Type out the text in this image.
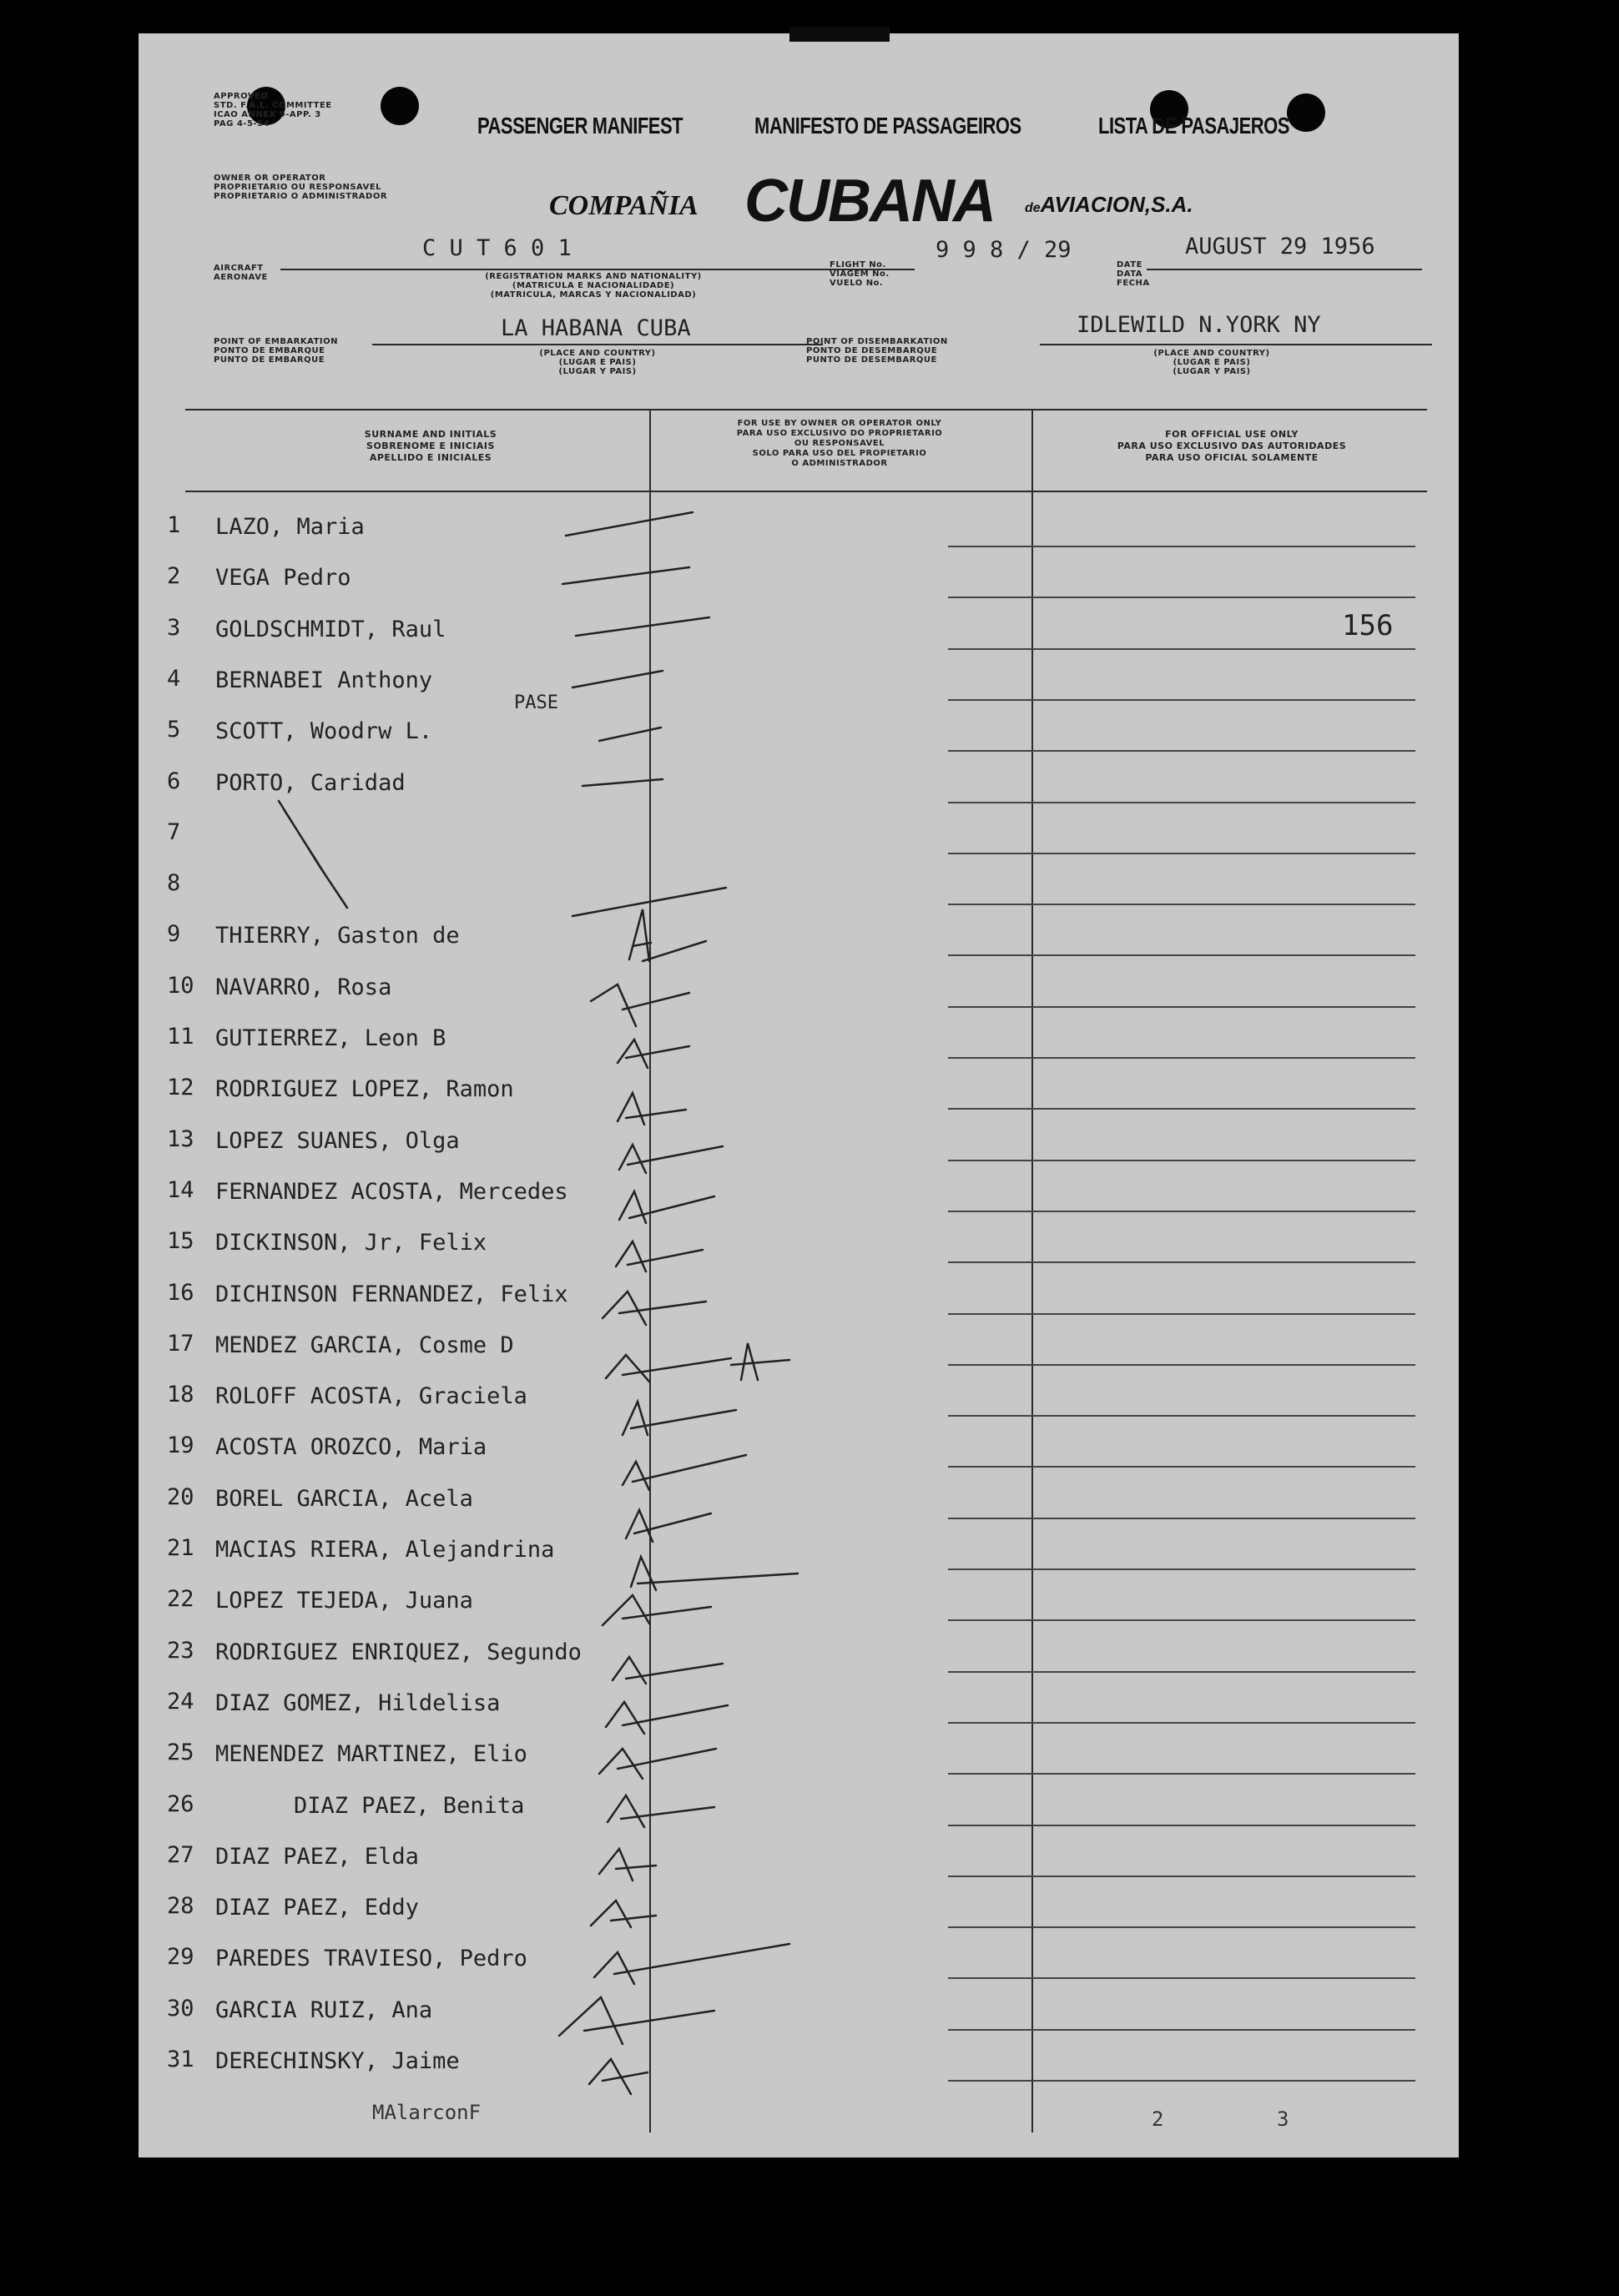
APPROVED
STD. F.A.L. COMMITTEE
ICAO ANNEX 9-APP. 3
PAG 4-5-54
OWNER OR OPERATOR
PROPRIETARIO OU RESPONSAVEL
PROPRIETARIO O ADMINISTRADOR
PASSENGER MANIFEST	MANIFESTO DE PASSAGEIROS	LISTA DE PASAJEROS
COMPAÑIA CUBANA deAVIACION,S.A.
AIRCRAFT
AERONAVE
C U T 6 0 1
(REGISTRATION MARKS AND NATIONALITY)
(MATRICULA E NACIONALIDADE)
(MATRICULA, MARCAS Y NACIONALIDAD)
FLIGHT No.
VIAGEM No.
VUELO No.
9 9 8 / 29
DATE
DATA
FECHA
AUGUST 29 1956
POINT OF EMBARKATION
PONTO DE EMBARQUE
PUNTO DE EMBARQUE
LA HABANA CUBA
(PLACE AND COUNTRY)
(LUGAR E PAIS)
(LUGAR Y PAIS)
POINT OF DISEMBARKATION
PONTO DE DESEMBARQUE
PUNTO DE DESEMBARQUE
IDLEWILD N.YORK NY
(PLACE AND COUNTRY)
(LUGAR E PAIS)
(LUGAR Y PAIS)
SURNAME AND INITIALS
SOBRENOME E INICIAIS
APELLIDO E INICIALES
FOR USE BY OWNER OR OPERATOR ONLY
PARA USO EXCLUSIVO DO PROPRIETARIO
OU RESPONSAVEL
SOLO PARA USO DEL PROPIETARIO
O ADMINISTRADOR
FOR OFFICIAL USE ONLY
PARA USO EXCLUSIVO DAS AUTORIDADES
PARA USO OFICIAL SOLAMENTE
1 LAZO, Maria
2 VEGA Pedro
3 GOLDSCHMIDT, Raul
4 BERNABEI Anthony
5 SCOTT, Woodrw L.
6 PORTO, Caridad
7
8
9 THIERRY, Gaston de
10 NAVARRO, Rosa
11 GUTIERREZ, Leon B
12 RODRIGUEZ LOPEZ, Ramon
13 LOPEZ SUANES, Olga
14 FERNANDEZ ACOSTA, Mercedes
15 DICKINSON, Jr, Felix
16 DICHINSON FERNANDEZ, Felix
17 MENDEZ GARCIA, Cosme D
18 ROLOFF ACOSTA, Graciela
19 ACOSTA OROZCO, Maria
20 BOREL GARCIA, Acela
21 MACIAS RIERA, Alejandrina
22 LOPEZ TEJEDA, Juana
23 RODRIGUEZ ENRIQUEZ, Segundo
24 DIAZ GOMEZ, Hildelisa
25 MENENDEZ MARTINEZ, Elio
26	DIAZ PAEZ, Benita
27 DIAZ PAEZ, Elda
28 DIAZ PAEZ, Eddy
29 PAREDES TRAVIESO, Pedro
30 GARCIA RUIZ, Ana
31 DERECHINSKY, Jaime
PASE
156
MAlarconF	2	3
